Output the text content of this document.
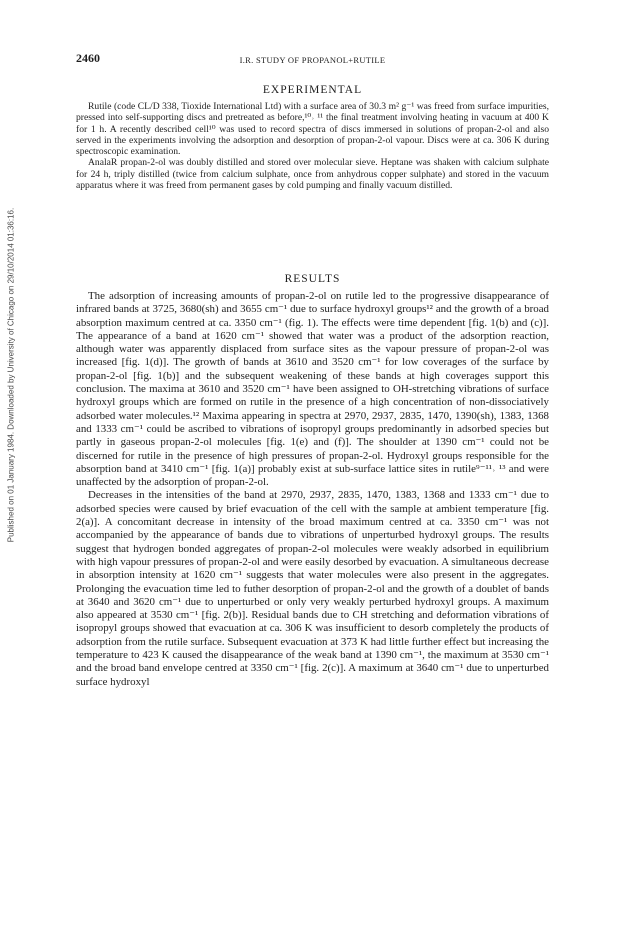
2460	I.R. STUDY OF PROPANOL+RUTILE
Published on 01 January 1984. Downloaded by University of Chicago on 29/10/2014 01:36:16.
EXPERIMENTAL

Rutile (code CL/D 338, Tioxide International Ltd) with a surface area of 30.3 m² g⁻¹ was freed from surface impurities, pressed into self-supporting discs and pretreated as before,¹⁰˒ ¹¹ the final treatment involving heating in vacuum at 400 K for 1 h. A recently described cell¹⁰ was used to record spectra of discs immersed in solutions of propan-2-ol and also served in the experiments involving the adsorption and desorption of propan-2-ol vapour. Discs were at ca. 306 K during spectroscopic examination.

AnalaR propan-2-ol was doubly distilled and stored over molecular sieve. Heptane was shaken with calcium sulphate for 24 h, triply distilled (twice from calcium sulphate, once from anhydrous copper sulphate) and stored in the vacuum apparatus where it was freed from permanent gases by cold pumping and finally vacuum distilled.

RESULTS

The adsorption of increasing amounts of propan-2-ol on rutile led to the progressive disappearance of infrared bands at 3725, 3680(sh) and 3655 cm⁻¹ due to surface hydroxyl groups¹² and the growth of a broad absorption maximum centred at ca. 3350 cm⁻¹ (fig. 1). The effects were time dependent [fig. 1(b) and (c)]. The appearance of a band at 1620 cm⁻¹ showed that water was a product of the adsorption reaction, although water was apparently displaced from surface sites as the vapour pressure of propan-2-ol was increased [fig. 1(d)]. The growth of bands at 3610 and 3520 cm⁻¹ for low coverages of the surface by propan-2-ol [fig. 1(b)] and the subsequent weakening of these bands at high coverages support this conclusion. The maxima at 3610 and 3520 cm⁻¹ have been assigned to OH-stretching vibrations of surface hydroxyl groups which are formed on rutile in the presence of a high concentration of non-dissociatively adsorbed water molecules.¹² Maxima appearing in spectra at 2970, 2937, 2835, 1470, 1390(sh), 1383, 1368 and 1333 cm⁻¹ could be ascribed to vibrations of isopropyl groups predominantly in adsorbed species but partly in gaseous propan-2-ol molecules [fig. 1(e) and (f)]. The shoulder at 1390 cm⁻¹ could not be discerned for rutile in the presence of high pressures of propan-2-ol. Hydroxyl groups responsible for the absorption band at 3410 cm⁻¹ [fig. 1(a)] probably exist at sub-surface lattice sites in rutile⁹⁻¹¹˒ ¹³ and were unaffected by the adsorption of propan-2-ol.

Decreases in the intensities of the band at 2970, 2937, 2835, 1470, 1383, 1368 and 1333 cm⁻¹ due to adsorbed species were caused by brief evacuation of the cell with the sample at ambient temperature [fig. 2(a)]. A concomitant decrease in intensity of the broad maximum centred at ca. 3350 cm⁻¹ was not accompanied by the appearance of bands due to vibrations of unperturbed hydroxyl groups. The results suggest that hydrogen bonded aggregates of propan-2-ol molecules were weakly adsorbed in equilibrium with high vapour pressures of propan-2-ol and were easily desorbed by evacuation. A simultaneous decrease in absorption intensity at 1620 cm⁻¹ suggests that water molecules were also present in the aggregates. Prolonging the evacuation time led to futher desorption of propan-2-ol and the growth of a doublet of bands at 3640 and 3620 cm⁻¹ due to unperturbed or only very weakly perturbed hydroxyl groups. A maximum also appeared at 3530 cm⁻¹ [fig. 2(b)]. Residual bands due to CH stretching and deformation vibrations of isopropyl groups showed that evacuation at ca. 306 K was insufficient to desorb completely the products of adsorption from the rutile surface. Subsequent evacuation at 373 K had little further effect but increasing the temperature to 423 K caused the disappearance of the weak band at 1390 cm⁻¹, the maximum at 3530 cm⁻¹ and the broad band envelope centred at 3350 cm⁻¹ [fig. 2(c)]. A maximum at 3640 cm⁻¹ due to unperturbed surface hydroxyl
